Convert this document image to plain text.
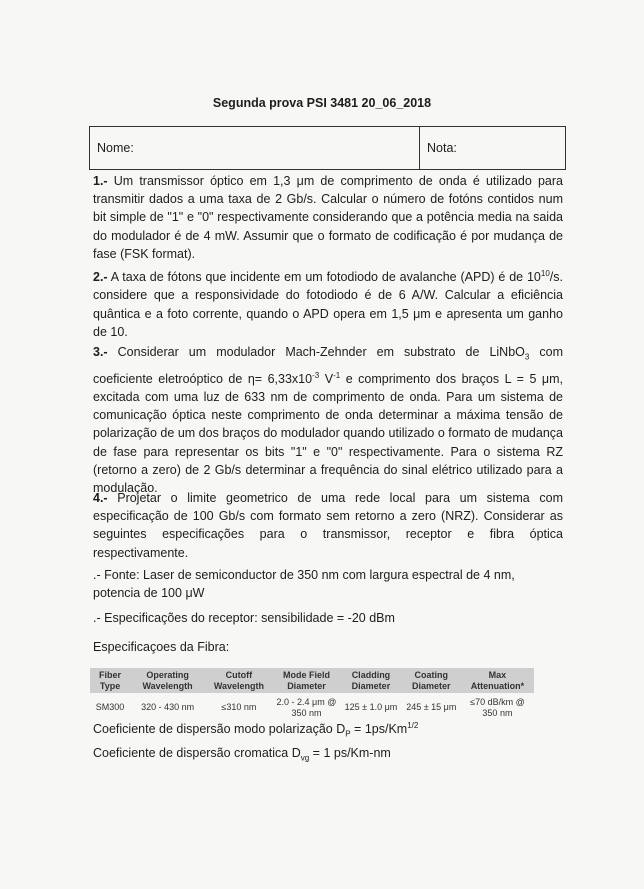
Segunda prova PSI 3481 20_06_2018
Nome:	Nota:
1.- Um transmissor óptico em 1,3 μm de comprimento de onda é utilizado para transmitir dados a uma taxa de 2 Gb/s. Calcular o número de fotóns contidos num bit simple de "1" e "0" respectivamente considerando que a potência media na saida do modulador é de 4 mW. Assumir que o formato de codificação é por mudança de fase (FSK format).
2.- A taxa de fótons que incidente em um fotodiodo de avalanche (APD) é de $10^{10}/s$. considere que a responsividade do fotodiodo é de 6 A/W. Calcular a eficiência quântica e a foto corrente, quando o APD opera em 1,5 μm e apresenta um ganho de 10.
3.- Considerar um modulador Mach-Zehnder em substrato de LiNbO$_3$ com coeficiente eletroóptico de $\eta= 6,33x10^{-3}$ $V^{-1}$ e comprimento dos braços L = 5 μm, excitada com uma luz de 633 nm de comprimento de onda. Para um sistema de comunicação óptica neste comprimento de onda determinar a máxima tensão de polarização de um dos braços do modulador quando utilizado o formato de mudança de fase para representar os bits "1" e "0" respectivamente. Para o sistema RZ (retorno a zero) de 2 Gb/s determinar a frequência do sinal elétrico utilizado para a modulação.
4.- Projetar o limite geometrico de uma rede local para um sistema com especificação de 100 Gb/s com formato sem retorno a zero (NRZ). Considerar as seguintes especificações para o transmissor, receptor e fibra óptica respectivamente.
.- Fonte: Laser de semiconductor de 350 nm com largura espectral de 4 nm, potencia de 100 μW
.- Especificações do receptor: sensibilidade = -20 dBm
Especificaçoes da Fibra:
Fiber Type	Operating Wavelength	Cutoff Wavelength	Mode Field Diameter	Cladding Diameter	Coating Diameter	Max Attenuation*
SM300	320 - 430 nm	≤310 nm	2.0 - 2.4 μm @ 350 nm	125 ± 1.0 μm	245 ± 15 μm	≤70 dB/km @ 350 nm
Coeficiente de dispersão modo polarização $D_P = 1ps/Km^{1/2}$
Coeficiente de dispersão cromatica $D_{vg} = 1$ ps/Km-nm
